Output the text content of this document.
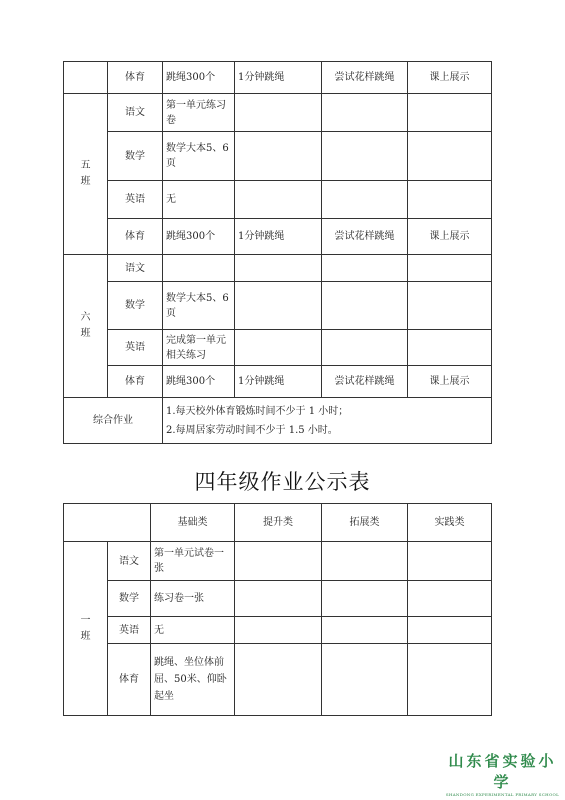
	体育	跳绳300个	1分钟跳绳	尝试花样跳绳	课上展示
五
班	语文	第一单元练习卷			
	数学	数学大本5、6页			
	英语	无			
	体育	跳绳300个	1分钟跳绳	尝试花样跳绳	课上展示
六
班	语文				
	数学	数学大本5、6页			
	英语	完成第一单元相关练习			
	体育	跳绳300个	1分钟跳绳	尝试花样跳绳	课上展示
综合作业		1.每天校外体育锻炼时间不少于 1 小时；
2.每周居家劳动时间不少于 1.5 小时。			
四年级作业公示表
		基础类	提升类	拓展类	实践类
一
班	语文	第一单元试卷一张			
	数学	练习卷一张			
	英语	无			
	体育	跳绳、坐位体前屈、50米、仰卧起坐			
山东省实验小学
SHANDONG EXPERIMENTAL PRIMARY SCHOOL
